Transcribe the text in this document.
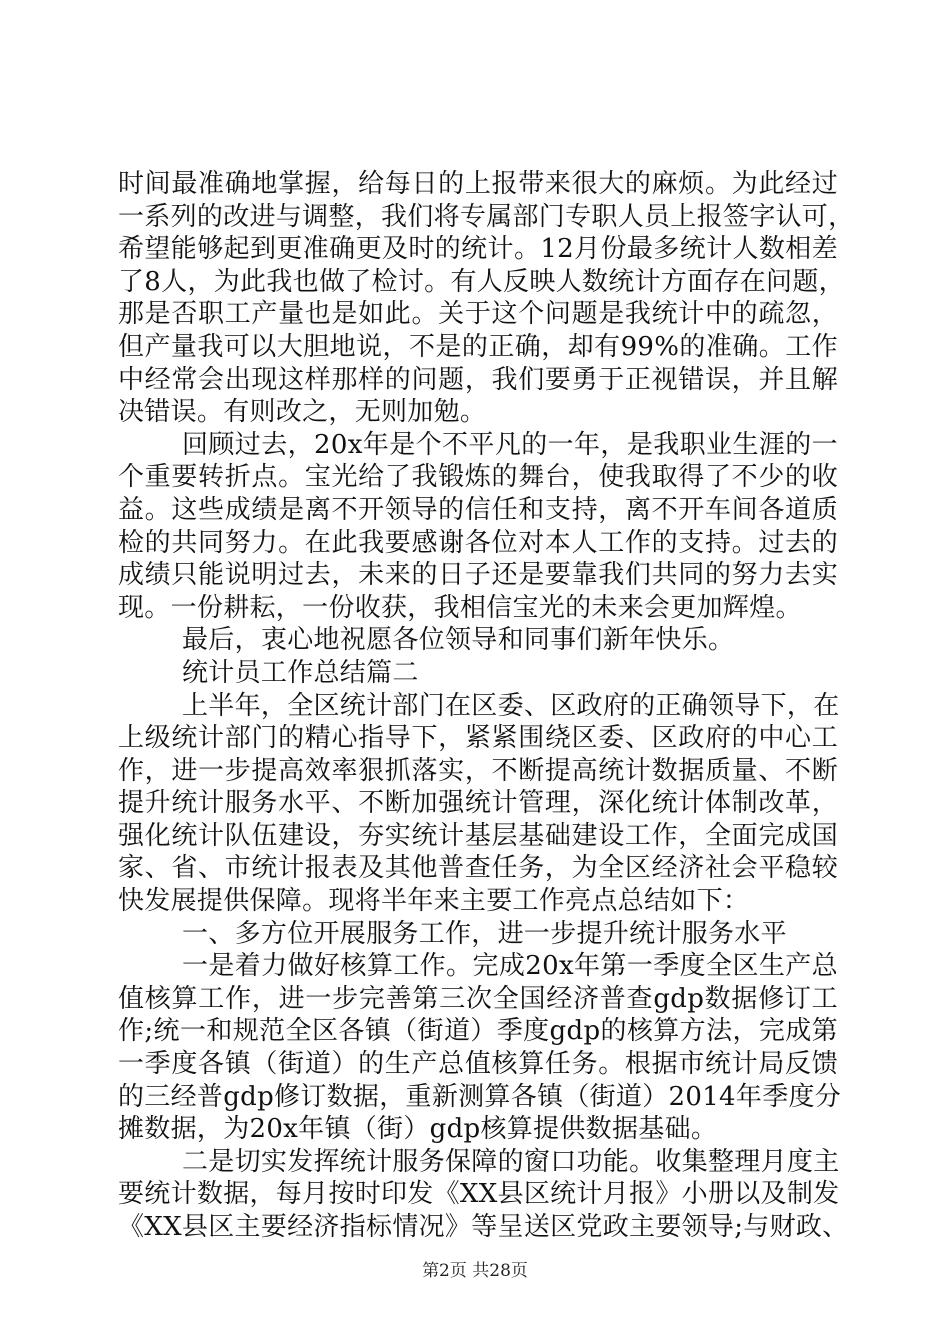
时间最准确地掌握，给每日的上报带来很大的麻烦。为此经过
一系列的改进与调整，我们将专属部门专职人员上报签字认可，
希望能够起到更准确更及时的统计。12月份最多统计人数相差
了8人，为此我也做了检讨。有人反映人数统计方面存在问题，
那是否职工产量也是如此。关于这个问题是我统计中的疏忽，
但产量我可以大胆地说，不是的正确，却有99%的准确。工作
中经常会出现这样那样的问题，我们要勇于正视错误，并且解
决错误。有则改之，无则加勉。
回顾过去，20x年是个不平凡的一年，是我职业生涯的一
个重要转折点。宝光给了我锻炼的舞台，使我取得了不少的收
益。这些成绩是离不开领导的信任和支持，离不开车间各道质
检的共同努力。在此我要感谢各位对本人工作的支持。过去的
成绩只能说明过去，未来的日子还是要靠我们共同的努力去实
现。一份耕耘，一份收获，我相信宝光的未来会更加辉煌。
最后，衷心地祝愿各位领导和同事们新年快乐。
统计员工作总结篇二
上半年，全区统计部门在区委、区政府的正确领导下，在
上级统计部门的精心指导下，紧紧围绕区委、区政府的中心工
作，进一步提高效率狠抓落实，不断提高统计数据质量、不断
提升统计服务水平、不断加强统计管理，深化统计体制改革，
强化统计队伍建设，夯实统计基层基础建设工作，全面完成国
家、省、市统计报表及其他普查任务，为全区经济社会平稳较
快发展提供保障。现将半年来主要工作亮点总结如下：
一、多方位开展服务工作，进一步提升统计服务水平
一是着力做好核算工作。完成20x年第一季度全区生产总
值核算工作，进一步完善第三次全国经济普查gdp数据修订工
作;统一和规范全区各镇（街道）季度gdp的核算方法，完成第
一季度各镇（街道）的生产总值核算任务。根据市统计局反馈
的三经普gdp修订数据，重新测算各镇（街道）2014年季度分
摊数据，为20x年镇（街）gdp核算提供数据基础。
二是切实发挥统计服务保障的窗口功能。收集整理月度主
要统计数据，每月按时印发《XX县区统计月报》小册以及制发
《XX县区主要经济指标情况》等呈送区党政主要领导;与财政、
第2页 共28页
